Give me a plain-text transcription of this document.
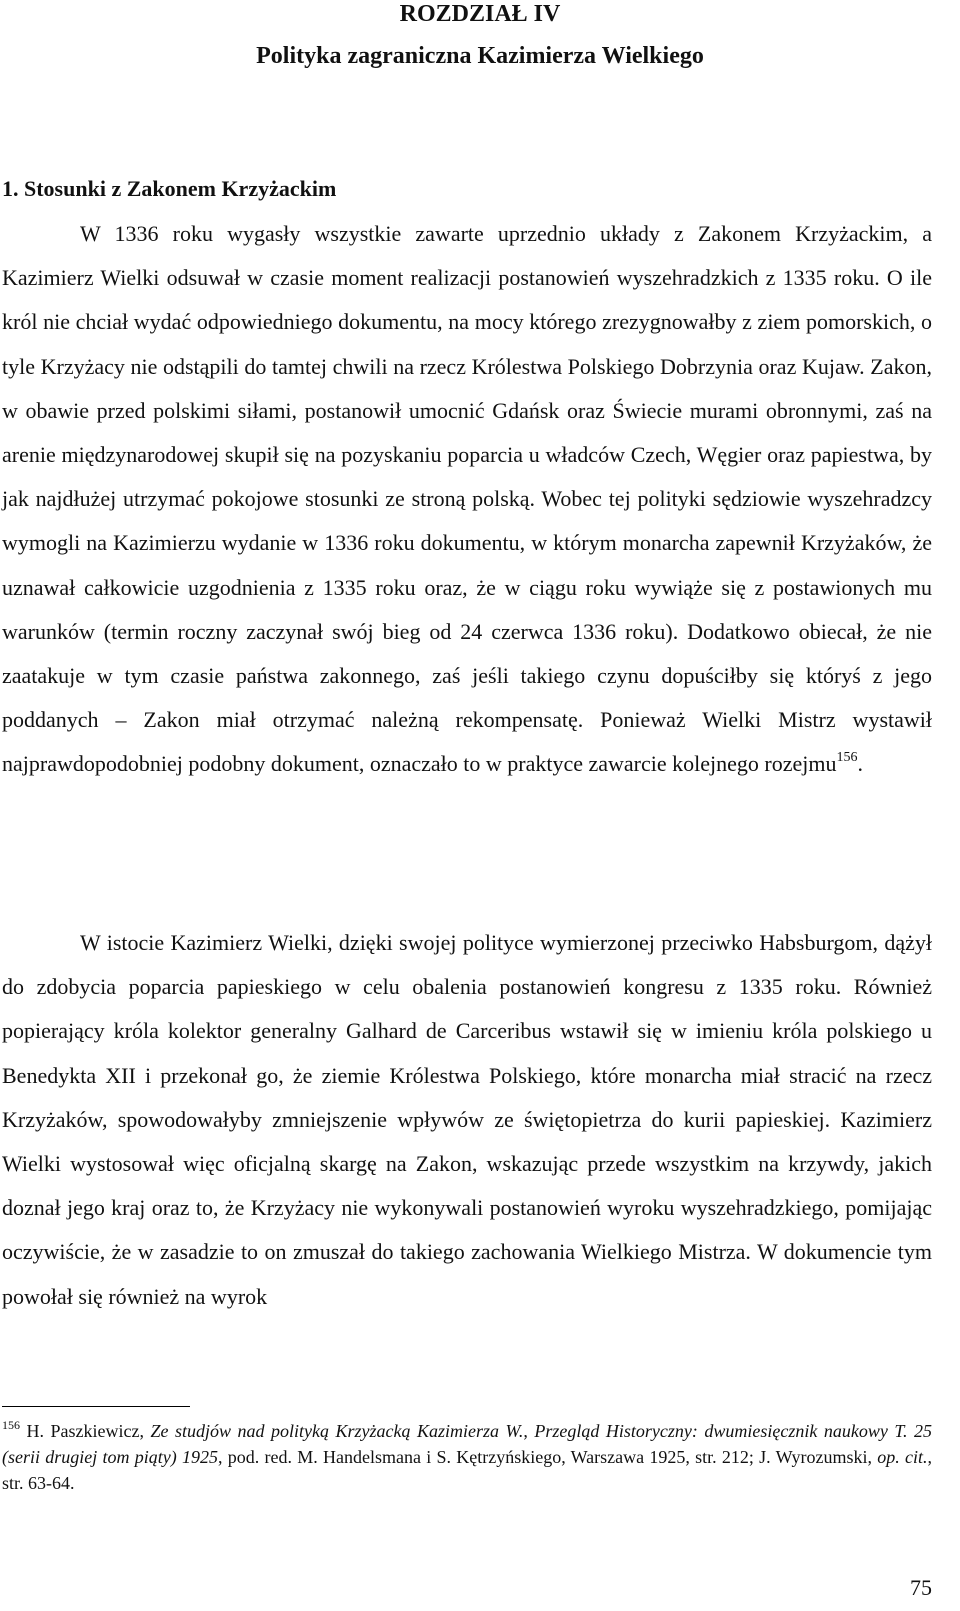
ROZDZIAŁ IV
Polityka zagraniczna Kazimierza Wielkiego
1. Stosunki z Zakonem Krzyżackim

W 1336 roku wygasły wszystkie zawarte uprzednio układy z Zakonem Krzyżackim, a Kazimierz Wielki odsuwał w czasie moment realizacji postanowień wyszehradzkich z 1335 roku. O ile król nie chciał wydać odpowiedniego dokumentu, na mocy którego zrezygnowałby z ziem pomorskich, o tyle Krzyżacy nie odstąpili do tamtej chwili na rzecz Królestwa Polskiego Dobrzynia oraz Kujaw. Zakon, w obawie przed polskimi siłami, postanowił umocnić Gdańsk oraz Świecie murami obronnymi, zaś na arenie międzynarodowej skupił się na pozyskaniu poparcia u władców Czech, Węgier oraz papiestwa, by jak najdłużej utrzymać pokojowe stosunki ze stroną polską. Wobec tej polityki sędziowie wyszehradzcy wymogli na Kazimierzu wydanie w 1336 roku dokumentu, w którym monarcha zapewnił Krzyżaków, że uznawał całkowicie uzgodnienia z 1335 roku oraz, że w ciągu roku wywiąże się z postawionych mu warunków (termin roczny zaczynał swój bieg od 24 czerwca 1336 roku). Dodatkowo obiecał, że nie zaatakuje w tym czasie państwa zakonnego, zaś jeśli takiego czynu dopuściłby się któryś z jego poddanych – Zakon miał otrzymać należną rekompensatę. Ponieważ Wielki Mistrz wystawił najprawdopodobniej podobny dokument, oznaczało to w praktyce zawarcie kolejnego rozejmu$^{156}$.

W istocie Kazimierz Wielki, dzięki swojej polityce wymierzonej przeciwko Habsburgom, dążył do zdobycia poparcia papieskiego w celu obalenia postanowień kongresu z 1335 roku. Również popierający króla kolektor generalny Galhard de Carceribus wstawił się w imieniu króla polskiego u Benedykta XII i przekonał go, że ziemie Królestwa Polskiego, które monarcha miał stracić na rzecz Krzyżaków, spowodowałyby zmniejszenie wpływów ze świętopietrza do kurii papieskiej. Kazimierz Wielki wystosował więc oficjalną skargę na Zakon, wskazując przede wszystkim na krzywdy, jakich doznał jego kraj oraz to, że Krzyżacy nie wykonywali postanowień wyroku wyszehradzkiego, pomijając oczywiście, że w zasadzie to on zmuszał do takiego zachowania Wielkiego Mistrza. W dokumencie tym powołał się również na wyrok

$^{156}$ H. Paszkiewicz, Ze studjów nad polityką Krzyżacką Kazimierza W., Przegląd Historyczny: dwumiesięcznik naukowy T. 25 (serii drugiej tom piąty) 1925, pod. red. M. Handelsmana i S. Kętrzyńskiego, Warszawa 1925, str. 212; J. Wyrozumski, op. cit., str. 63-64.

75
